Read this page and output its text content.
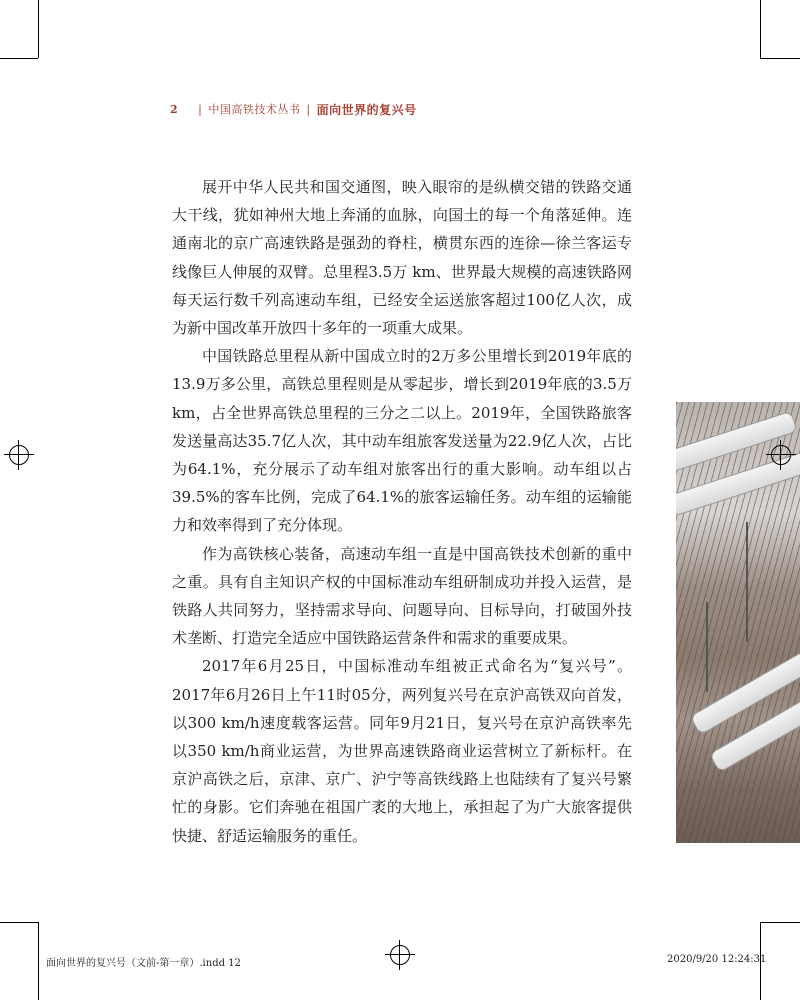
2 | 中国高铁技术丛书 | 面向世界的复兴号

展开中华人民共和国交通图，映入眼帘的是纵横交错的铁路交通大干线，犹如神州大地上奔涌的血脉，向国土的每一个角落延伸。连通南北的京广高速铁路是强劲的脊柱，横贯东西的连徐—徐兰客运专线像巨人伸展的双臂。总里程3.5万 km、世界最大规模的高速铁路网每天运行数千列高速动车组，已经安全运送旅客超过100亿人次，成为新中国改革开放四十多年的一项重大成果。

中国铁路总里程从新中国成立时的2万多公里增长到2019年底的13.9万多公里，高铁总里程则是从零起步，增长到2019年底的3.5万 km，占全世界高铁总里程的三分之二以上。2019年，全国铁路旅客发送量高达35.7亿人次，其中动车组旅客发送量为22.9亿人次，占比为64.1%，充分展示了动车组对旅客出行的重大影响。动车组以占39.5%的客车比例，完成了64.1%的旅客运输任务。动车组的运输能力和效率得到了充分体现。

作为高铁核心装备，高速动车组一直是中国高铁技术创新的重中之重。具有自主知识产权的中国标准动车组研制成功并投入运营，是铁路人共同努力，坚持需求导向、问题导向、目标导向，打破国外技术垄断、打造完全适应中国铁路运营条件和需求的重要成果。

2017年6月25日，中国标准动车组被正式命名为“复兴号”。2017年6月26日上午11时05分，两列复兴号在京沪高铁双向首发，以300 km/h速度载客运营。同年9月21日，复兴号在京沪高铁率先以350 km/h商业运营，为世界高速铁路商业运营树立了新标杆。在京沪高铁之后，京津、京广、沪宁等高铁线路上也陆续有了复兴号繁忙的身影。它们奔驰在祖国广袤的大地上，承担起了为广大旅客提供快捷、舒适运输服务的重任。

面向世界的复兴号（文前-第一章）.indd 12	2020/9/20 12:24:31
